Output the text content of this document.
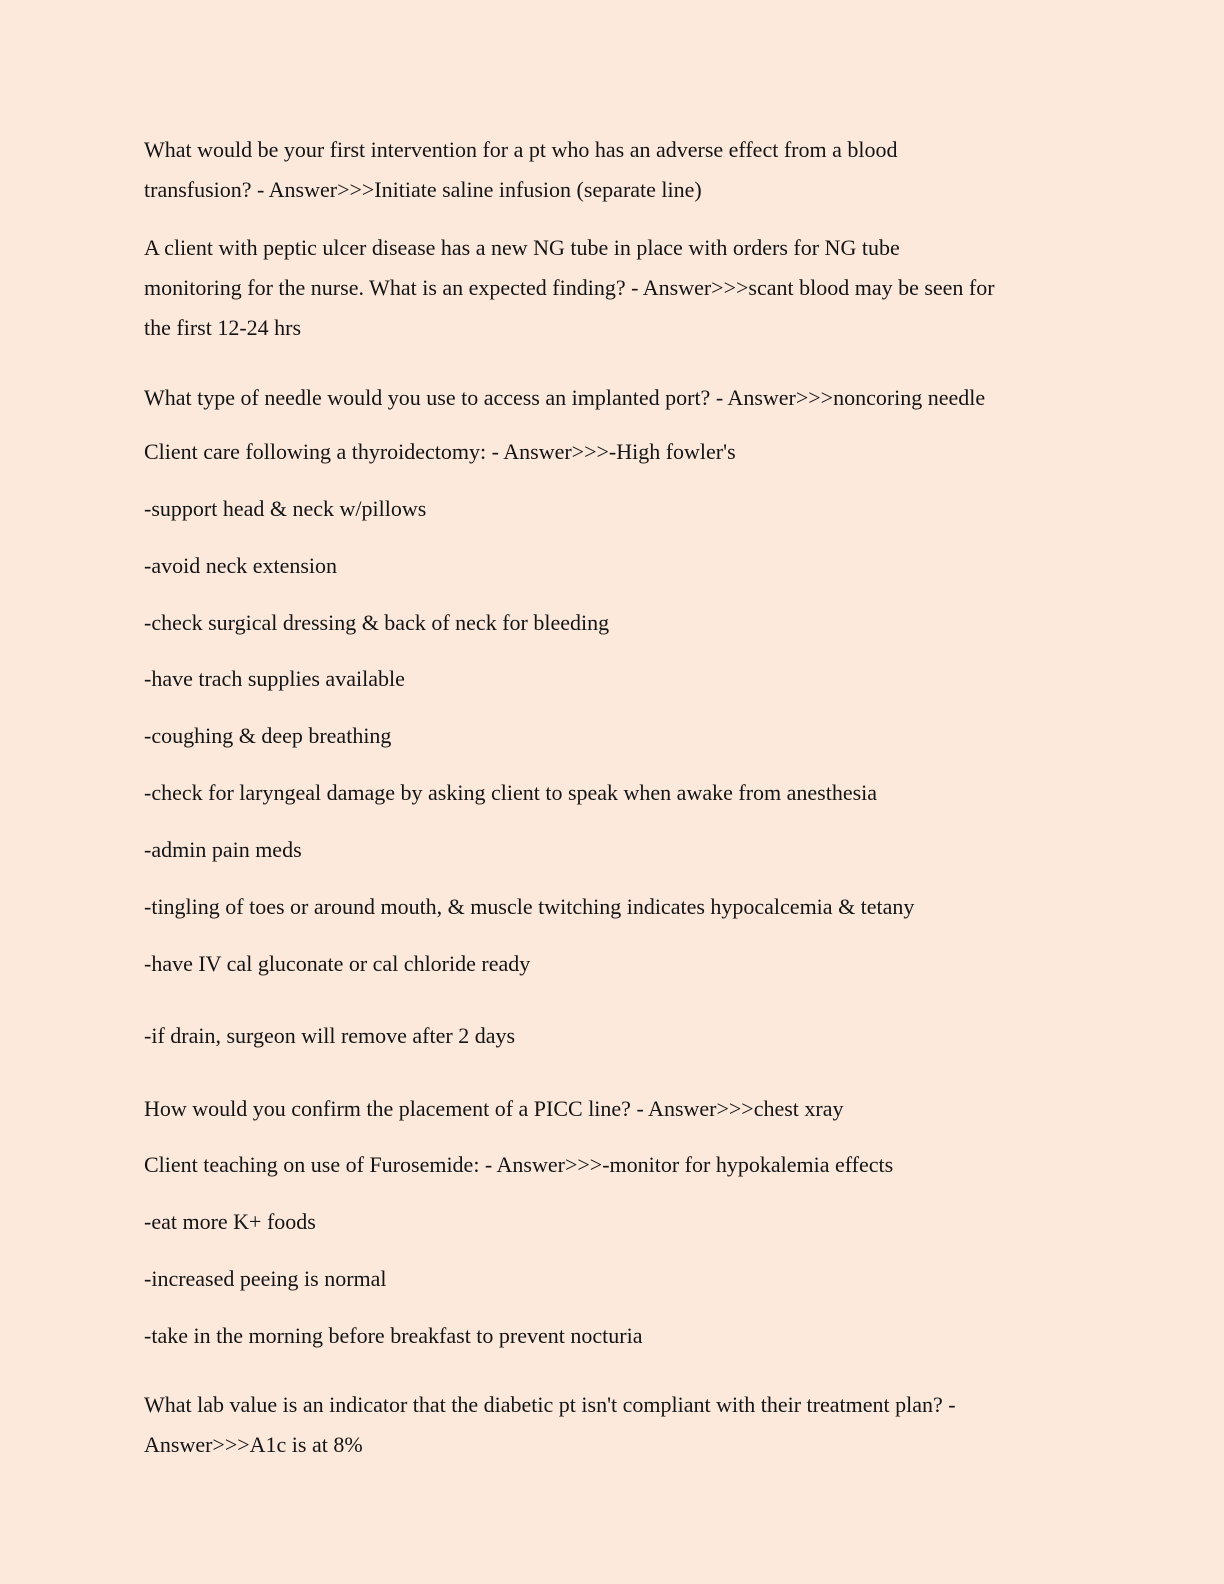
What would be your first intervention for a pt who has an adverse effect from a blood

transfusion? - Answer>>>Initiate saline infusion (separate line)

A client with peptic ulcer disease has a new NG tube in place with orders for NG tube

monitoring for the nurse. What is an expected finding? - Answer>>>scant blood may be seen for

the first 12-24 hrs

What type of needle would you use to access an implanted port? - Answer>>>noncoring needle

Client care following a thyroidectomy: - Answer>>>-High fowler's

-support head & neck w/pillows

-avoid neck extension

-check surgical dressing & back of neck for bleeding

-have trach supplies available

-coughing & deep breathing

-check for laryngeal damage by asking client to speak when awake from anesthesia

-admin pain meds

-tingling of toes or around mouth, & muscle twitching indicates hypocalcemia & tetany

-have IV cal gluconate or cal chloride ready

-if drain, surgeon will remove after 2 days

How would you confirm the placement of a PICC line? - Answer>>>chest xray

Client teaching on use of Furosemide: - Answer>>>-monitor for hypokalemia effects

-eat more K+ foods

-increased peeing is normal

-take in the morning before breakfast to prevent nocturia

What lab value is an indicator that the diabetic pt isn't compliant with their treatment plan? -

Answer>>>A1c is at 8%
